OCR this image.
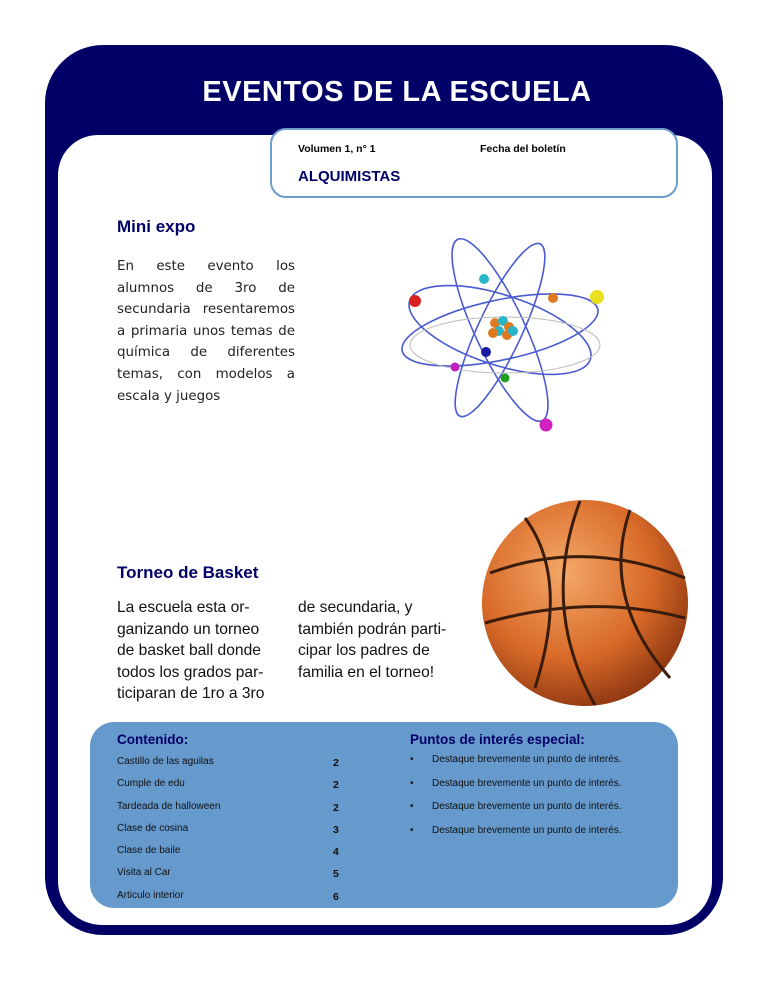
EVENTOS DE LA ESCUELA
Volumen 1, n° 1	Fecha del boletín
ALQUIMISTAS
Mini expo
En este evento los alumnos de 3ro de secundaria resentaremos a primaria unos temas de química de diferentes temas, con modelos a escala y juegos
Torneo de Basket
La escuela esta or-
ganizando un torneo
de basket ball donde
todos los grados par-
ticiparan de 1ro a 3ro
de secundaria, y
también podrán parti-
cipar los padres de
familia en el torneo!
Contenido:
Castillo de las aguilas	2
Cumple de edu	2
Tardeada de halloween	2
Clase de cosina	3
Clase de baile	4
Visita al Car	5
Articulo interior	6
Puntos de interés especial:
• Destaque brevemente un punto de interés.
• Destaque brevemente un punto de interés.
• Destaque brevemente un punto de interés.
• Destaque brevemente un punto de interés.
